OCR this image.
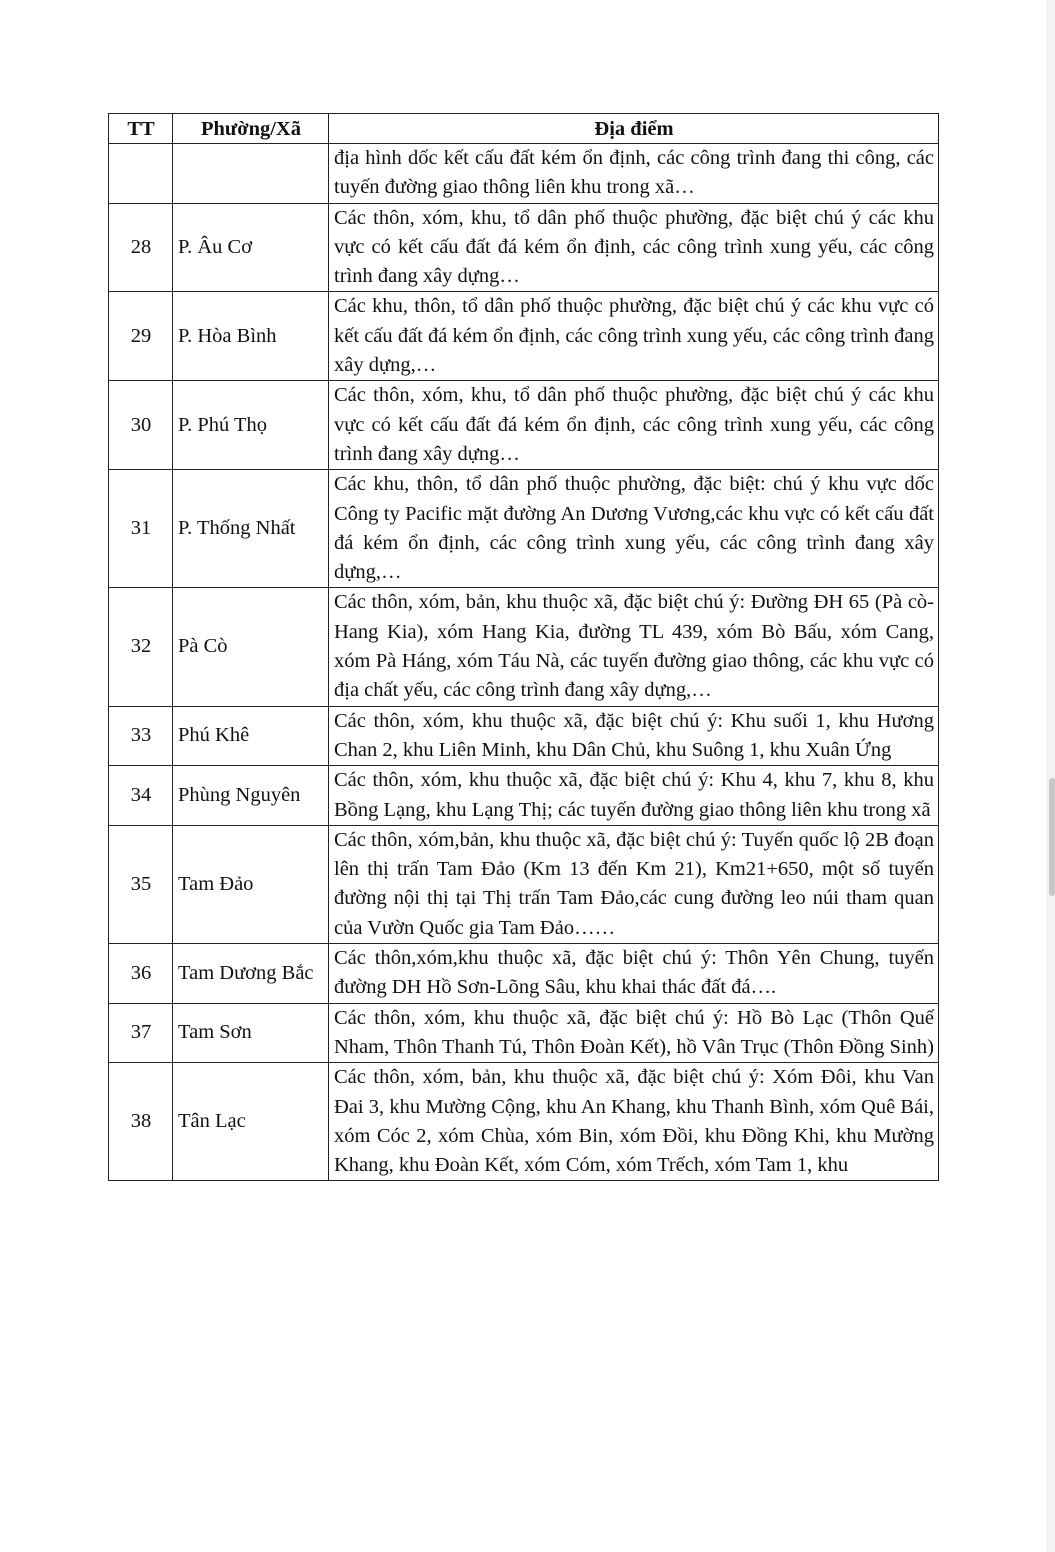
TT	Phường/Xã	Địa điểm
		địa hình dốc kết cấu đất kém ổn định, các công trình đang thi công, các tuyến đường giao thông liên khu trong xã…
28	P. Âu Cơ	Các thôn, xóm, khu, tổ dân phố thuộc phường, đặc biệt chú ý các khu vực có kết cấu đất đá kém ổn định, các công trình xung yếu, các công trình đang xây dựng…
29	P. Hòa Bình	Các khu, thôn, tổ dân phố thuộc phường, đặc biệt chú ý các khu vực có kết cấu đất đá kém ổn định, các công trình xung yếu, các công trình đang xây dựng,…
30	P. Phú Thọ	Các thôn, xóm, khu, tổ dân phố thuộc phường, đặc biệt chú ý các khu vực có kết cấu đất đá kém ổn định, các công trình xung yếu, các công trình đang xây dựng…
31	P. Thống Nhất	Các khu, thôn, tổ dân phố thuộc phường, đặc biệt: chú ý khu vực dốc Công ty Pacific mặt đường An Dương Vương,các khu vực có kết cấu đất đá kém ổn định, các công trình xung yếu, các công trình đang xây dựng,…
32	Pà Cò	Các thôn, xóm, bản, khu thuộc xã, đặc biệt chú ý: Đường ĐH 65 (Pà cò-Hang Kia), xóm Hang Kia, đường TL 439, xóm Bò Bấu, xóm Cang, xóm Pà Háng, xóm Táu Nà, các tuyến đường giao thông, các khu vực có địa chất yếu, các công trình đang xây dựng,…
33	Phú Khê	Các thôn, xóm, khu thuộc xã, đặc biệt chú ý: Khu suối 1, khu Hương Chan 2, khu Liên Minh, khu Dân Chủ, khu Suông 1, khu Xuân Ứng
34	Phùng Nguyên	Các thôn, xóm, khu thuộc xã, đặc biệt chú ý: Khu 4, khu 7, khu 8, khu Bồng Lạng, khu Lạng Thị; các tuyến đường giao thông liên khu trong xã
35	Tam Đảo	Các thôn, xóm,bản, khu thuộc xã, đặc biệt chú ý: Tuyến quốc lộ 2B đoạn lên thị trấn Tam Đảo (Km 13 đến Km 21), Km21+650, một số tuyến đường nội thị tại Thị trấn Tam Đảo,các cung đường leo núi tham quan của Vườn Quốc gia Tam Đảo……
36	Tam Dương Bắc	Các thôn,xóm,khu thuộc xã, đặc biệt chú ý: Thôn Yên Chung, tuyến đường DH Hồ Sơn-Lõng Sâu, khu khai thác đất đá….
37	Tam Sơn	Các thôn, xóm, khu thuộc xã, đặc biệt chú ý: Hồ Bò Lạc (Thôn Quế Nham, Thôn Thanh Tú, Thôn Đoàn Kết), hồ Vân Trục (Thôn Đồng Sinh)
38	Tân Lạc	Các thôn, xóm, bản, khu thuộc xã, đặc biệt chú ý: Xóm Đôi, khu Van Đai 3, khu Mường Cộng, khu An Khang, khu Thanh Bình, xóm Quê Bái, xóm Cóc 2, xóm Chùa, xóm Bin, xóm Đồi, khu Đồng Khi, khu Mường Khang, khu Đoàn Kết, xóm Cóm, xóm Trếch, xóm Tam 1, khu
